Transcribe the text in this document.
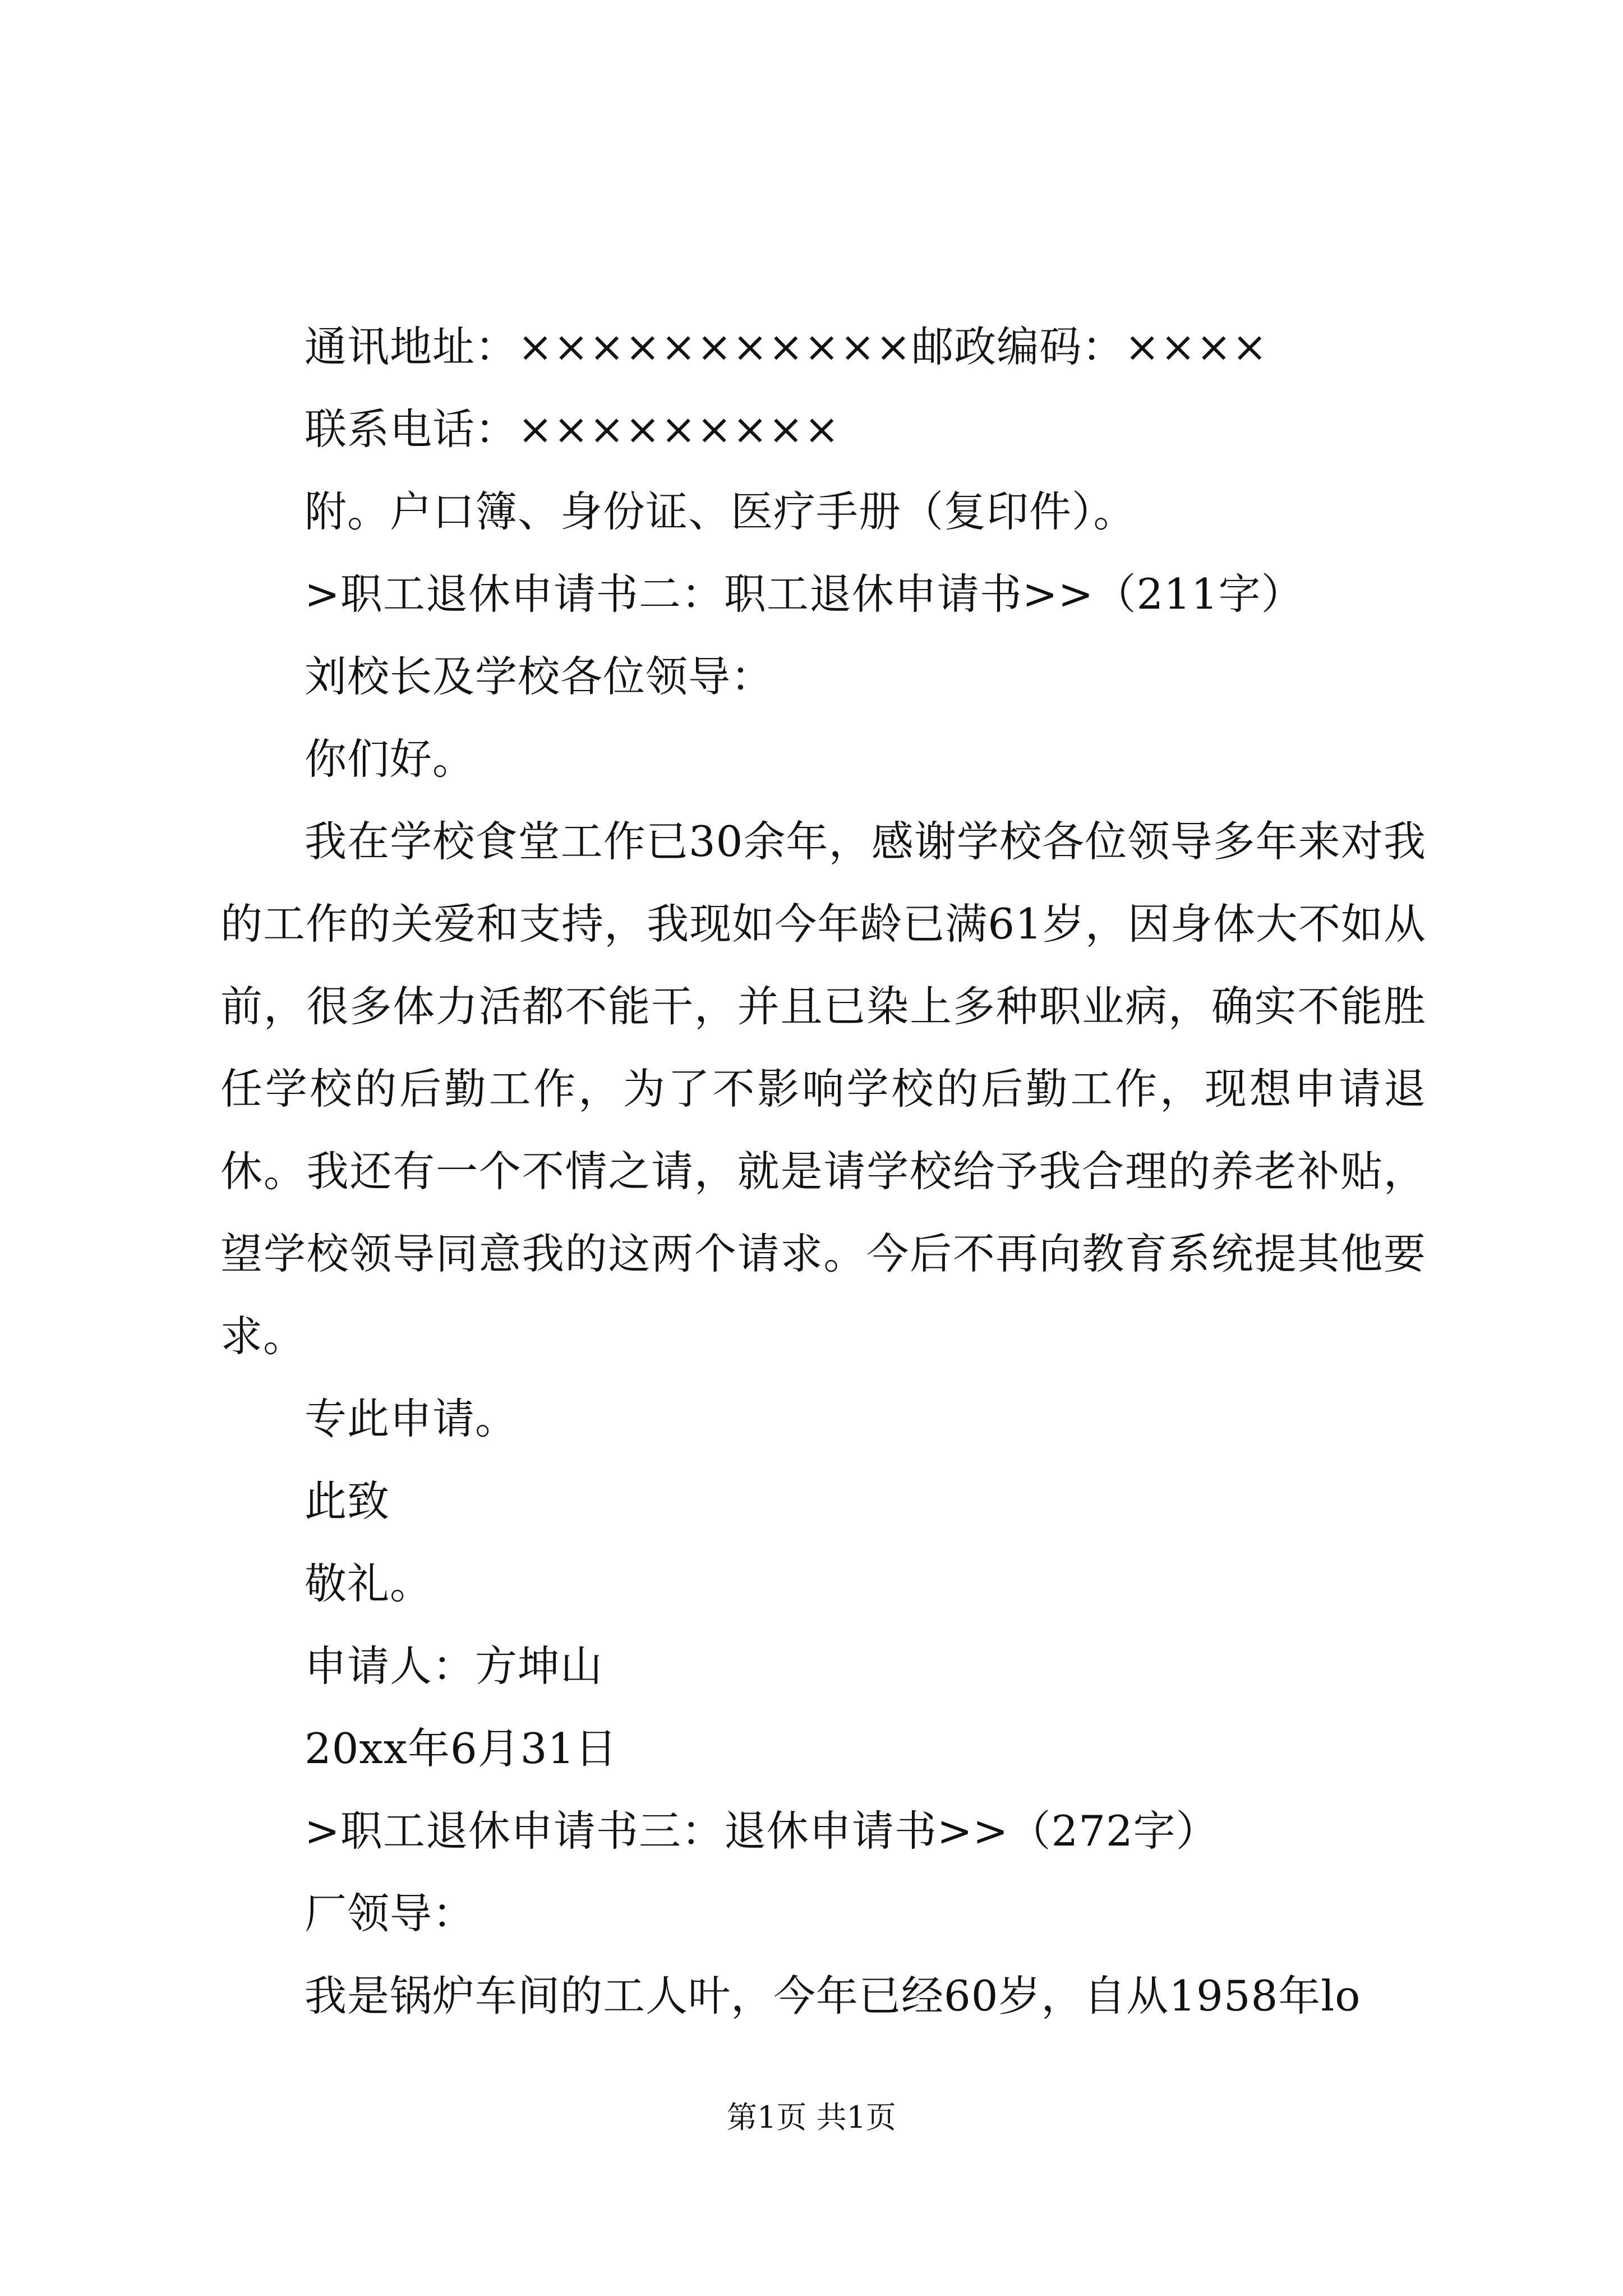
通讯地址：×××××××××××邮政编码：××××
联系电话：×××××××××
附。户口簿、身份证、医疗手册（复印件）。
>职工退休申请书二：职工退休申请书>>（211字）
刘校长及学校各位领导：
你们好。
我在学校食堂工作已30余年，感谢学校各位领导多年来对我的工作的关爱和支持，我现如今年龄已满61岁，因身体大不如从前，很多体力活都不能干，并且已染上多种职业病，确实不能胜任学校的后勤工作，为了不影响学校的后勤工作，现想申请退休。我还有一个不情之请，就是请学校给予我合理的养老补贴，望学校领导同意我的这两个请求。今后不再向教育系统提其他要求。
专此申请。
此致
敬礼。
申请人：方坤山
20xx年6月31日
>职工退休申请书三：退休申请书>>（272字）
厂领导：
我是锅炉车间的工人叶，今年已经60岁，自从1958年lo
第1页 共1页
